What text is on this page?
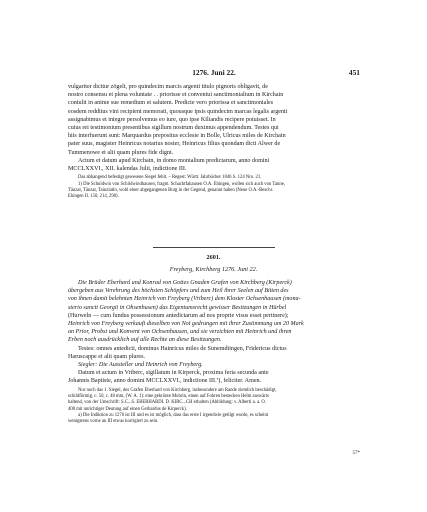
1276. Juni 22.	451

vulgariter dicitur zögelt, pro quindecim marcis argenti titulo pignoris obligavit, de

nostro consensu et plena voluntate . . priorisse et conventui sanctimonialium in Kirchain

contulit in anime sue remedium et salutem. Predicte vero priorissa et sanctimoniales

eosdem redditus vini recipient memorati, quousque ipsis quindecim marcas legalis argenti

assignabimus et integre persolvemus eo iure, quo ipse Kiliandis recipere potuisset. In

cuius rei testimonium presentibus sigillum nostrum duximus appendendum. Testes qui

hiis interfuerunt sunt: Marquardus prepositus ecclesie in Bolle, Ulricus miles de Kirchain

pater suus, magister Heinricus notarius noster, Heinricus filius quondam dicti Alwer de

Tummenowe et alii quam plures fide digni.

Actum et datum apud Kirchain, in domo monialium predictarum, anno domini

MCCLXXVI., XII. kalendas Julii, indictione III.

Das abhangend befestigt gewesene Siegel fehlt. – Regest: Württ. Jahrbücher 1846 S. 124 Nro. 21.

1) Die Schuldwin von Schildwindhausen, fragm. Schachtfahausen O.A. Ehingen, wollen sich auch von Tanne,

Tänzat, Tänzat, Tainzlatin, wohl einer abgegangenen Burg in der Gegend, genannt haben (Neue O.A.-Beschr.

Ehingen II. 150, 214, 290).

2601.
Freyberg, Kirchberg 1276. Juni 22.

Die Brüder Eberhard und Konrad von Gottes Gnaden Grafen von Kirchberg (Kirperck)

übergeben aus Verehrung des höchsten Schöpfers und zum Heil ihrer Seelen auf Bitten des

von ihnen damit belehnten Heinrich von Freyberg (Vriberc) dem Kloster Ochsenhausen (mona-

sterio sancti Georgii in Ohsenhusen) das Eigentumsrecht gewisser Besitzungen in Hürbel

(Hurweln — cum fundus possessionum antedictarum ad nos proprie visus esset pertinere);

Heinrich von Freyberg verkauft dieselben von Not gedrungen mit ihrer Zustimmung um 20 Mark

an Prior, Probst und Konvent von Ochsenhausen, und sie verzichten mit Heinrich und ihren

Erben noch ausdrücklich auf alle Rechte an diese Besitzungen.

Testes: omnes antedicti, dominus Hainricus miles de Sunemdtingen, Fridericus dictus

Haruscappe et alii quam plures.

Siegler: Die Aussteller und Heinrich von Freyberg.

Datum et actum in Vriberc, sigillatum in Kirperck, proxima feria secunda ante

Johannis Baptiste, anno domini MCCLXXVI., indictione III.ª), feliciter. Amen.

Nur noch das 1. Siegel, des Grafen Eberhard von Kirchberg, insbesondere am Rande ziemlich beschädigt,

schildförmig, c. 50, c. 48 mm, (W. A. 1): eine gekrönte Mohrin, einen auf Fohren bestecken Helm auswärts

haltend, von der Umschrift: S.C...S. EBERHARDI. D. KIRC...CH erhalten (Abbildung: v. Alberti a. a. O.

400 mit unrichtiger Deutung auf einen Gerhardus de Kirperck).

a) Die Indiktion zu 1276 ist III und es ist möglich, dass das erste I irgendwie getilgt wurde, es scheint

wenigstens vorne an III etwas korrigiert zu sein.

57*
